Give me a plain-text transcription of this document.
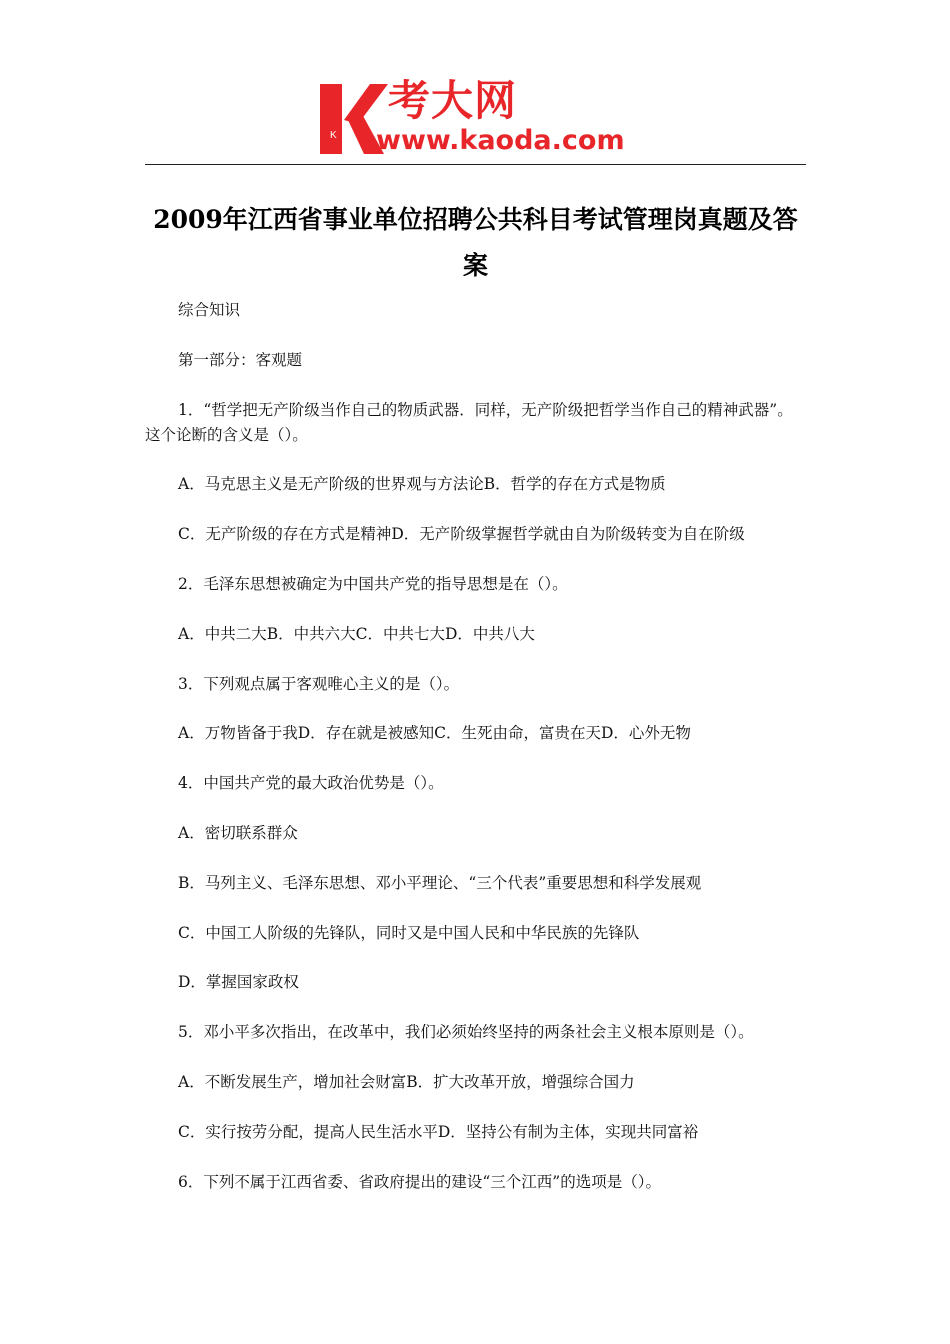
K
考大网
www.kaoda.com
2009年江西省事业单位招聘公共科目考试管理岗真题及答案

综合知识

第一部分：客观题

1．“哲学把无产阶级当作自己的物质武器．同样，无产阶级把哲学当作自己的精神武器”。这个论断的含义是（）。

A．马克思主义是无产阶级的世界观与方法论B．哲学的存在方式是物质

C．无产阶级的存在方式是精神D．无产阶级掌握哲学就由自为阶级转变为自在阶级

2．毛泽东思想被确定为中国共产党的指导思想是在（）。

A．中共二大B．中共六大C．中共七大D．中共八大

3．下列观点属于客观唯心主义的是（）。

A．万物皆备于我D．存在就是被感知C．生死由命，富贵在天D．心外无物

4．中国共产党的最大政治优势是（）。

A．密切联系群众

B．马列主义、毛泽东思想、邓小平理论、“三个代表”重要思想和科学发展观

C．中国工人阶级的先锋队，同时又是中国人民和中华民族的先锋队

D．掌握国家政权

5．邓小平多次指出，在改革中，我们必须始终坚持的两条社会主义根本原则是（）。

A．不断发展生产，增加社会财富B．扩大改革开放，增强综合国力

C．实行按劳分配，提高人民生活水平D．坚持公有制为主体，实现共同富裕

6．下列不属于江西省委、省政府提出的建设“三个江西”的选项是（）。
